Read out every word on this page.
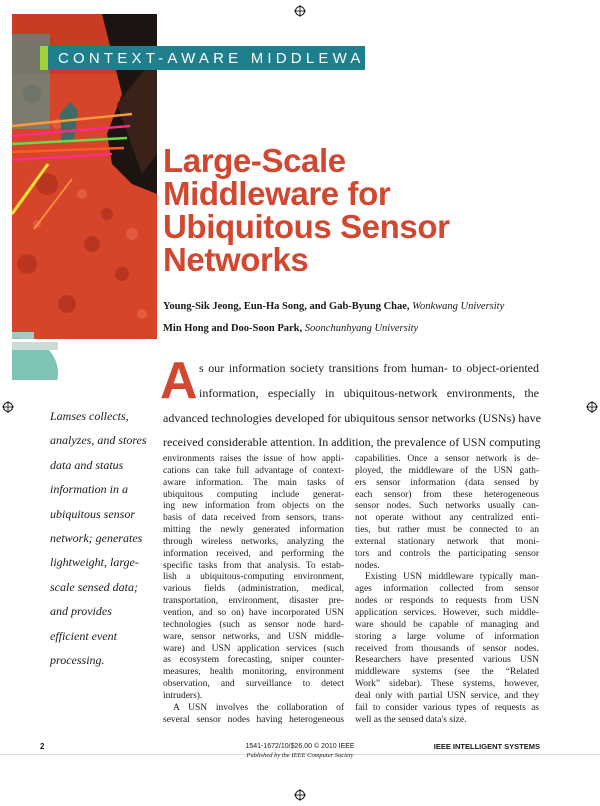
CONTEXT-AWARE MIDDLEWARE
Large-Scale
Middleware for
Ubiquitous Sensor
Networks
Young-Sik Jeong, Eun-Ha Song, and Gab-Byung Chae, Wonkwang University
Min Hong and Doo-Soon Park, Soonchunhyang University
Lamses collects,
analyzes, and stores
data and status
information in a
ubiquitous sensor
network; generates
lightweight, large-
scale sensed data;
and provides
efficient event
processing.
A s our information society transitions from human- to object-oriented
information, especially in ubiquitous-network environments, the
advanced technologies developed for ubiquitous sensor networks (USNs) have
received considerable attention. In addition, the prevalence of USN computing
environments raises the issue of how appli-
cations can take full advantage of context-
aware information. The main tasks of
ubiquitous computing include generat-
ing new information from objects on the
basis of data received from sensors, trans-
mitting the newly generated information
through wireless networks, analyzing the
information received, and performing the
specific tasks from that analysis. To estab-
lish a ubiquitous-computing environment,
various fields (administration, medical,
transportation, environment, disaster pre-
vention, and so on) have incorporated USN
technologies (such as sensor node hard-
ware, sensor networks, and USN middle-
ware) and USN application services (such
as ecosystem forecasting, sniper counter-
measures, health monitoring, environment
observation, and surveillance to detect
intruders).
A USN involves the collaboration of
several sensor nodes having heterogeneous
capabilities. Once a sensor network is de-
ployed, the middleware of the USN gath-
ers sensor information (data sensed by
each sensor) from these heterogeneous
sensor nodes. Such networks usually can-
not operate without any centralized enti-
ties, but rather must be connected to an
external stationary network that moni-
tors and controls the participating sensor
nodes.
Existing USN middleware typically man-
ages information collected from sensor
nodes or responds to requests from USN
application services. However, such middle-
ware should be capable of managing and
storing a large volume of information
received from thousands of sensor nodes.
Researchers have presented various USN
middleware systems (see the “Related
Work” sidebar). These systems, however,
deal only with partial USN service, and they
fail to consider various types of requests as
well as the sensed data's size.
2	1541-1672/10/$26.00 © 2010 IEEE
Published by the IEEE Computer Society
IEEE INTELLIGENT SYSTEMS
